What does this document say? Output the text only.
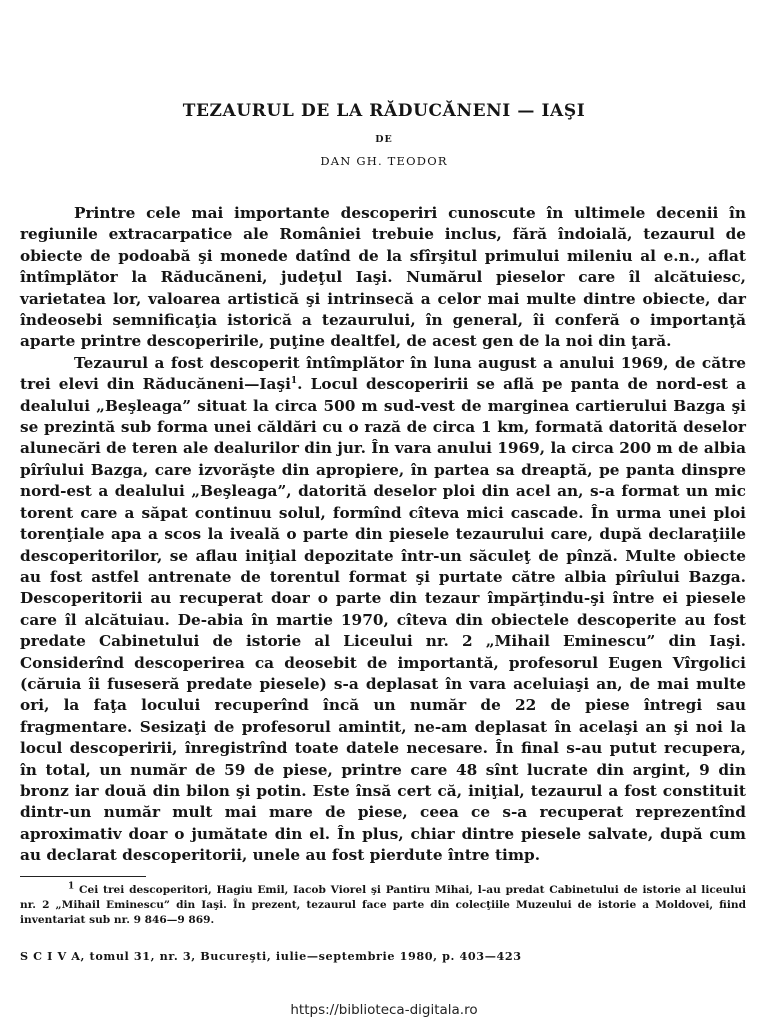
TEZAURUL DE LA RĂDUCĂNENI — IAŞI
DE
DAN GH. TEODOR

Printre cele mai importante descoperiri cunoscute în ultimele decenii în regiunile extracarpatice ale României trebuie inclus, fără îndoială, tezaurul de obiecte de podoabă şi monede datînd de la sfîrşitul primului mileniu al e.n., aflat întîmplător la Răducăneni, judeţul Iaşi. Numărul pieselor care îl alcătuiesc, varietatea lor, valoarea artistică şi intrinsecă a celor mai multe dintre obiecte, dar îndeosebi semnificaţia istorică a tezaurului, în general, îi conferă o importanţă aparte printre descoperirile, puţine dealtfel, de acest gen de la noi din ţară.

Tezaurul a fost descoperit întîmplător în luna august a anului 1969, de către trei elevi din Răducăneni—Iaşi$^1$. Locul descoperirii se află pe panta de nord-est a dealului „Beşleaga” situat la circa 500 m sud-vest de marginea cartierului Bazga şi se prezintă sub forma unei căldări cu o rază de circa 1 km, formată datorită deselor alunecări de teren ale dealurilor din jur. În vara anului 1969, la circa 200 m de albia pîrîului Bazga, care izvorăşte din apropiere, în partea sa dreaptă, pe panta dinspre nord-est a dealului „Beşleaga”, datorită deselor ploi din acel an, s-a format un mic torent care a săpat continuu solul, formînd cîteva mici cascade. În urma unei ploi torenţiale apa a scos la iveală o parte din piesele tezaurului care, după declaraţiile descoperitorilor, se aflau iniţial depozitate într-un săculeţ de pînză. Multe obiecte au fost astfel antrenate de torentul format şi purtate către albia pîrîului Bazga. Descoperitorii au recuperat doar o parte din tezaur împărţindu-şi între ei piesele care îl alcătuiau. De-abia în martie 1970, cîteva din obiectele descoperite au fost predate Cabinetului de istorie al Liceului nr. 2 „Mihail Eminescu” din Iaşi. Considerînd descoperirea ca deosebit de importantă, profesorul Eugen Vîrgolici (căruia îi fuseseră predate piesele) s-a deplasat în vara aceluiaşi an, de mai multe ori, la faţa locului recuperînd încă un număr de 22 de piese întregi sau fragmentare. Sesizaţi de profesorul amintit, ne-am deplasat în acelaşi an şi noi la locul descoperirii, înregistrînd toate datele necesare. În final s-au putut recupera, în total, un număr de 59 de piese, printre care 48 sînt lucrate din argint, 9 din bronz iar două din bilon şi potin. Este însă cert că, iniţial, tezaurul a fost constituit dintr-un număr mult mai mare de piese, ceea ce s-a recuperat reprezentînd aproximativ doar o jumătate din el. În plus, chiar dintre piesele salvate, după cum au declarat descoperitorii, unele au fost pierdute între timp.

$^1$ Cei trei descoperitori, Hagiu Emil, Iacob Viorel şi Pantiru Mihai, l-au predat Cabinetului de istorie al liceului nr. 2 „Mihail Eminescu” din Iaşi. În prezent, tezaurul face parte din colecţiile Muzeului de istorie a Moldovei, fiind inventariat sub nr. 9 846—9 869.
S C I V A, tomul 31, nr. 3, Bucureşti, iulie—septembrie 1980, p. 403—423
https://biblioteca-digitala.ro
